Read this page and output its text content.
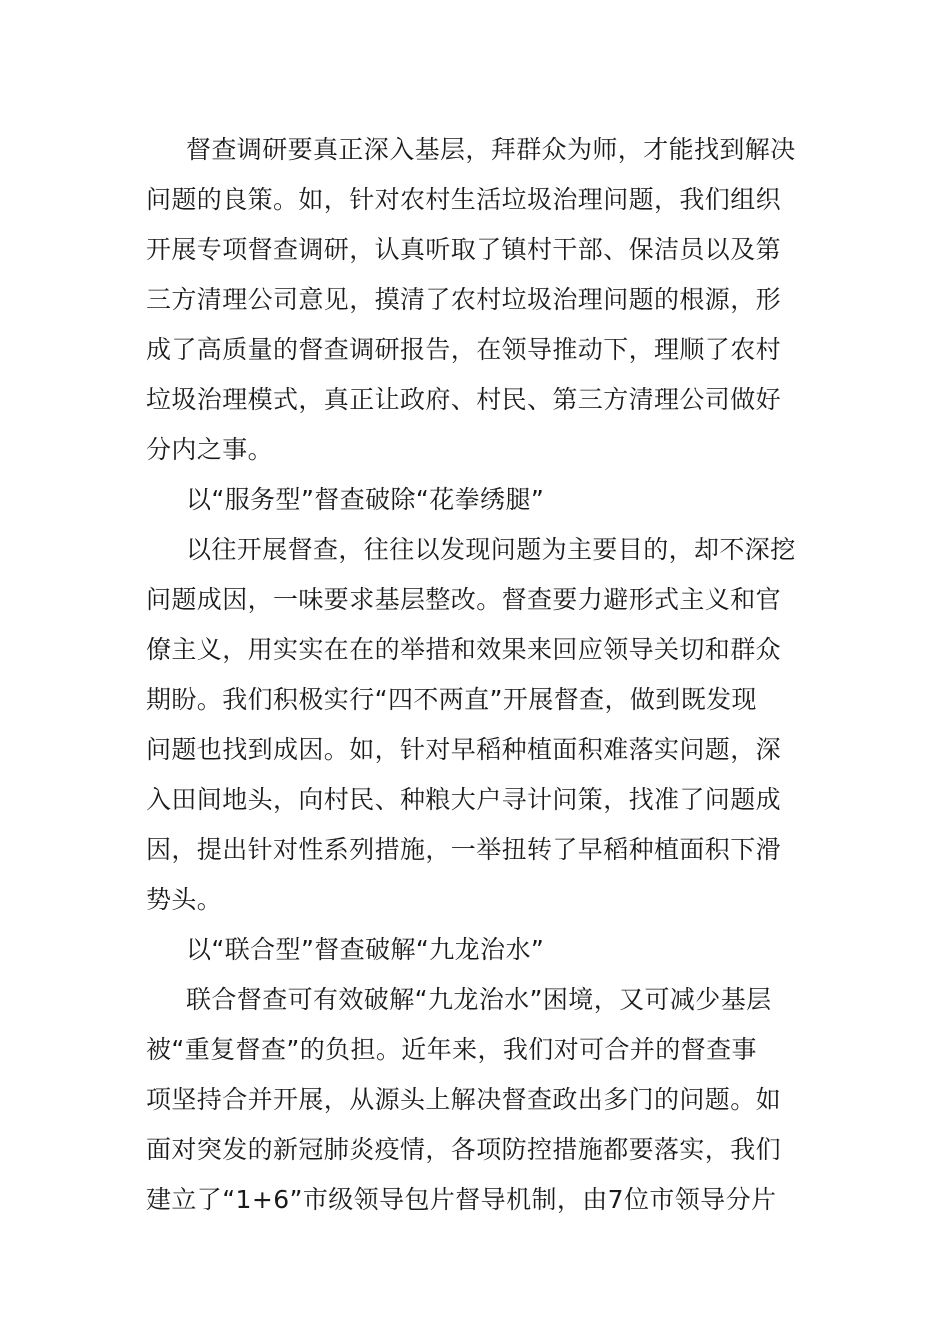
督查调研要真正深入基层，拜群众为师，才能找到解决
问题的良策。如，针对农村生活垃圾治理问题，我们组织
开展专项督查调研，认真听取了镇村干部、保洁员以及第
三方清理公司意见，摸清了农村垃圾治理问题的根源，形
成了高质量的督查调研报告，在领导推动下，理顺了农村
垃圾治理模式，真正让政府、村民、第三方清理公司做好
分内之事。
以“服务型”督查破除“花拳绣腿”
以往开展督查，往往以发现问题为主要目的，却不深挖
问题成因，一味要求基层整改。督查要力避形式主义和官
僚主义，用实实在在的举措和效果来回应领导关切和群众
期盼。我们积极实行“四不两直”开展督查，做到既发现
问题也找到成因。如，针对早稻种植面积难落实问题，深
入田间地头，向村民、种粮大户寻计问策，找准了问题成
因，提出针对性系列措施，一举扭转了早稻种植面积下滑
势头。
以“联合型”督查破解“九龙治水”
联合督查可有效破解“九龙治水”困境，又可减少基层
被“重复督查”的负担。近年来，我们对可合并的督查事
项坚持合并开展，从源头上解决督查政出多门的问题。如
面对突发的新冠肺炎疫情，各项防控措施都要落实，我们
建立了“1+6”市级领导包片督导机制，由7位市领导分片
